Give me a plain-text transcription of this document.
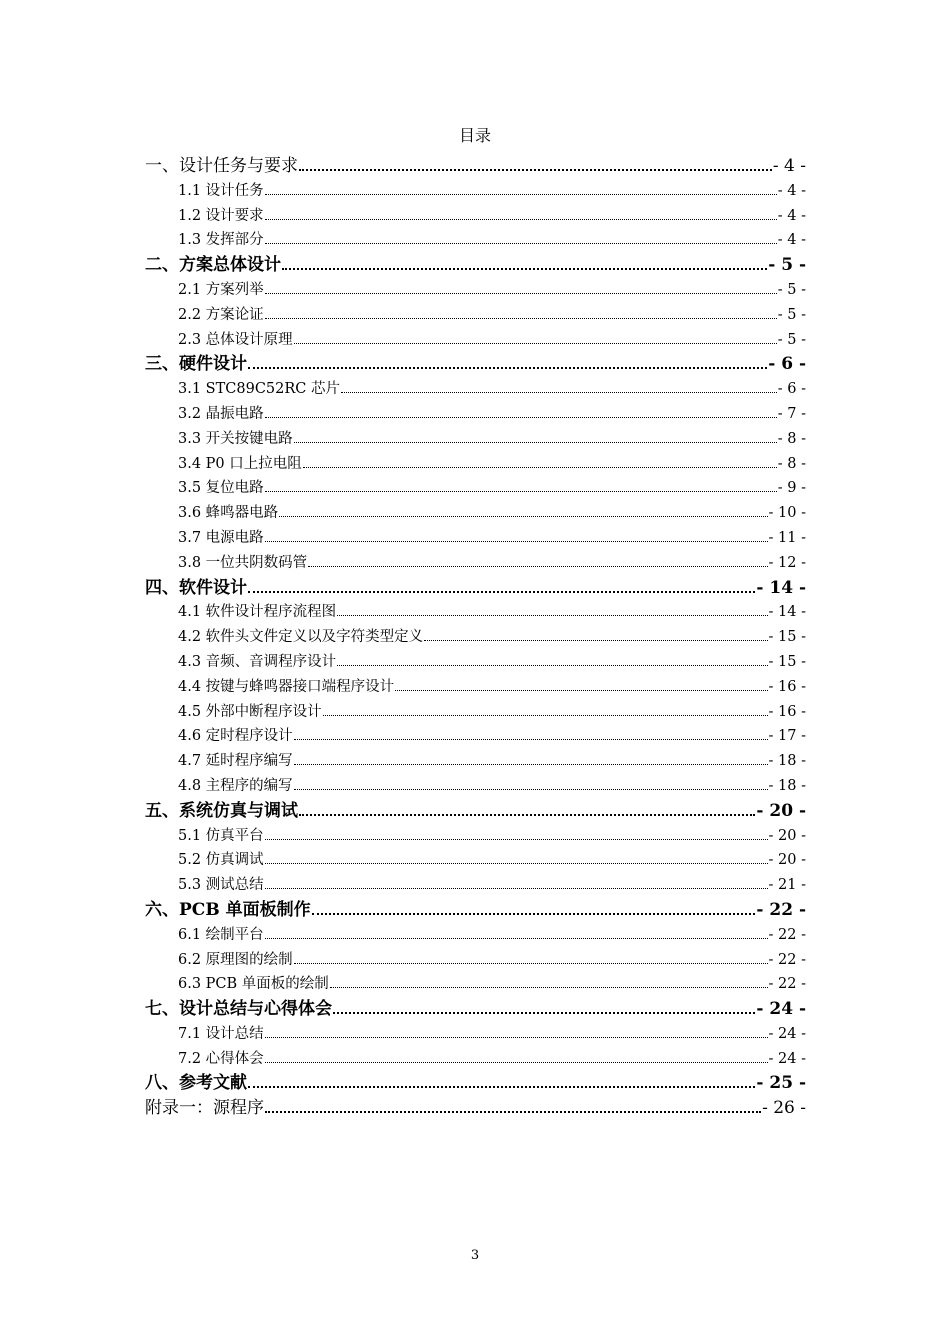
目录
一、设计任务与要求	- 4 -
1.1 设计任务	- 4 -
1.2 设计要求	- 4 -
1.3 发挥部分	- 4 -
二、方案总体设计	- 5 -
2.1 方案列举	- 5 -
2.2 方案论证	- 5 -
2.3 总体设计原理	- 5 -
三、硬件设计	- 6 -
3.1 STC89C52RC 芯片	- 6 -
3.2 晶振电路	- 7 -
3.3 开关按键电路	- 8 -
3.4 P0 口上拉电阻	- 8 -
3.5 复位电路	- 9 -
3.6 蜂鸣器电路	- 10 -
3.7 电源电路	- 11 -
3.8 一位共阴数码管	- 12 -
四、软件设计	- 14 -
4.1 软件设计程序流程图	- 14 -
4.2 软件头文件定义以及字符类型定义	- 15 -
4.3 音频、音调程序设计	- 15 -
4.4 按键与蜂鸣器接口端程序设计	- 16 -
4.5 外部中断程序设计	- 16 -
4.6 定时程序设计	- 17 -
4.7 延时程序编写	- 18 -
4.8 主程序的编写	- 18 -
五、系统仿真与调试	- 20 -
5.1 仿真平台	- 20 -
5.2 仿真调试	- 20 -
5.3 测试总结	- 21 -
六、PCB 单面板制作	- 22 -
6.1 绘制平台	- 22 -
6.2 原理图的绘制	- 22 -
6.3 PCB 单面板的绘制	- 22 -
七、设计总结与心得体会	- 24 -
7.1 设计总结	- 24 -
7.2 心得体会	- 24 -
八、参考文献	- 25 -
附录一：源程序	- 26 -
3
